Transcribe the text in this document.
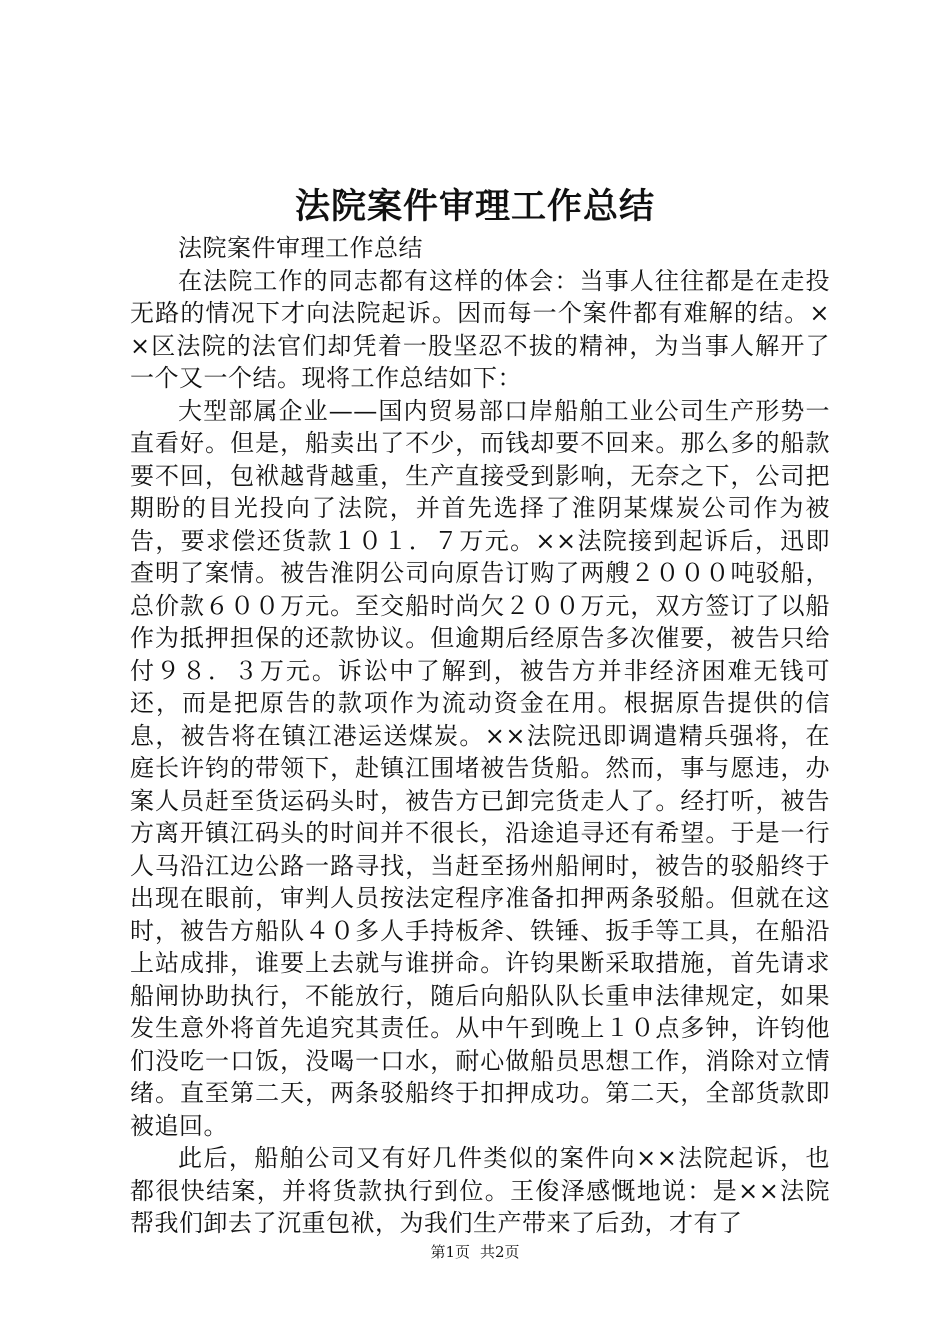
法院案件审理工作总结

法院案件审理工作总结

在法院工作的同志都有这样的体会：当事人往往都是在走投无路的情况下才向法院起诉。因而每一个案件都有难解的结。××区法院的法官们却凭着一股坚忍不拔的精神，为当事人解开了一个又一个结。现将工作总结如下：

大型部属企业——国内贸易部口岸船舶工业公司生产形势一直看好。但是，船卖出了不少，而钱却要不回来。那么多的船款要不回，包袱越背越重，生产直接受到影响，无奈之下，公司把期盼的目光投向了法院，并首先选择了淮阴某煤炭公司作为被告，要求偿还货款１０１．７万元。××法院接到起诉后，迅即查明了案情。被告淮阴公司向原告订购了两艘２０００吨驳船，总价款６００万元。至交船时尚欠２００万元，双方签订了以船作为抵押担保的还款协议。但逾期后经原告多次催要，被告只给付９８．３万元。诉讼中了解到，被告方并非经济困难无钱可还，而是把原告的款项作为流动资金在用。根据原告提供的信息，被告将在镇江港运送煤炭。××法院迅即调遣精兵强将，在庭长许钧的带领下，赴镇江围堵被告货船。然而，事与愿违，办案人员赶至货运码头时，被告方已卸完货走人了。经打听，被告方离开镇江码头的时间并不很长，沿途追寻还有希望。于是一行人马沿江边公路一路寻找，当赶至扬州船闸时，被告的驳船终于出现在眼前，审判人员按法定程序准备扣押两条驳船。但就在这时，被告方船队４０多人手持板斧、铁锤、扳手等工具，在船沿上站成排，谁要上去就与谁拼命。许钧果断采取措施，首先请求船闸协助执行，不能放行，随后向船队队长重申法律规定，如果发生意外将首先追究其责任。从中午到晚上１０点多钟，许钧他们没吃一口饭，没喝一口水，耐心做船员思想工作，消除对立情绪。直至第二天，两条驳船终于扣押成功。第二天，全部货款即被追回。

此后，船舶公司又有好几件类似的案件向××法院起诉，也都很快结案，并将货款执行到位。王俊泽感慨地说：是××法院帮我们卸去了沉重包袱，为我们生产带来了后劲，才有了

第1页 共2页
